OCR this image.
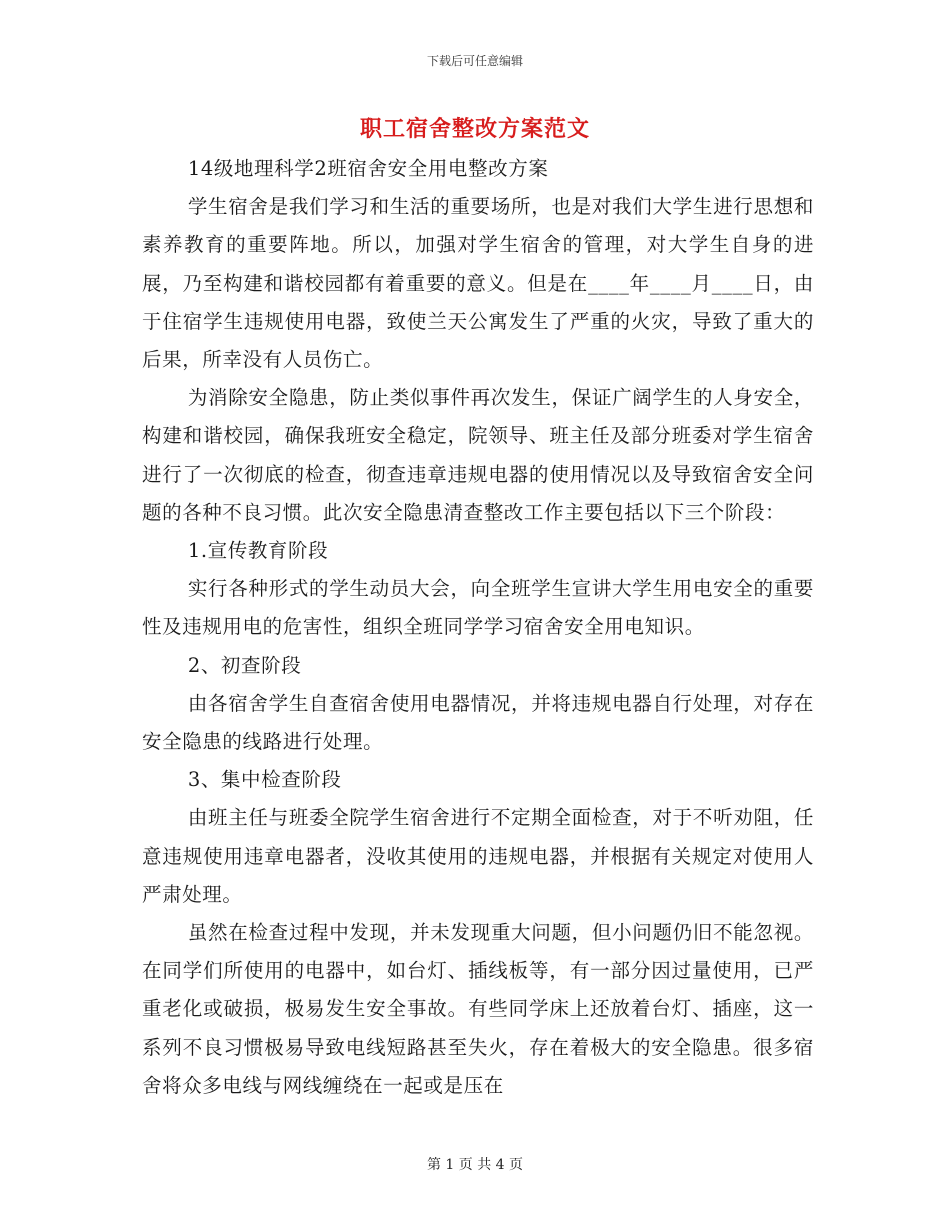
下载后可任意编辑
职工宿舍整改方案范文

14级地理科学2班宿舍安全用电整改方案

学生宿舍是我们学习和生活的重要场所，也是对我们大学生进行思想和素养教育的重要阵地。所以，加强对学生宿舍的管理，对大学生自身的进展，乃至构建和谐校园都有着重要的意义。但是在____年____月____日，由于住宿学生违规使用电器，致使兰天公寓发生了严重的火灾，导致了重大的后果，所幸没有人员伤亡。

为消除安全隐患，防止类似事件再次发生，保证广阔学生的人身安全，构建和谐校园，确保我班安全稳定，院领导、班主任及部分班委对学生宿舍进行了一次彻底的检查，彻查违章违规电器的使用情况以及导致宿舍安全问题的各种不良习惯。此次安全隐患清查整改工作主要包括以下三个阶段：

1.宣传教育阶段

实行各种形式的学生动员大会，向全班学生宣讲大学生用电安全的重要性及违规用电的危害性，组织全班同学学习宿舍安全用电知识。

2、初查阶段

由各宿舍学生自查宿舍使用电器情况，并将违规电器自行处理，对存在安全隐患的线路进行处理。

3、集中检查阶段

由班主任与班委全院学生宿舍进行不定期全面检查，对于不听劝阻，任意违规使用违章电器者，没收其使用的违规电器，并根据有关规定对使用人严肃处理。

虽然在检查过程中发现，并未发现重大问题，但小问题仍旧不能忽视。在同学们所使用的电器中，如台灯、插线板等，有一部分因过量使用，已严重老化或破损，极易发生安全事故。有些同学床上还放着台灯、插座，这一系列不良习惯极易导致电线短路甚至失火，存在着极大的安全隐患。很多宿舍将众多电线与网线缠绕在一起或是压在

第 1 页 共 4 页
